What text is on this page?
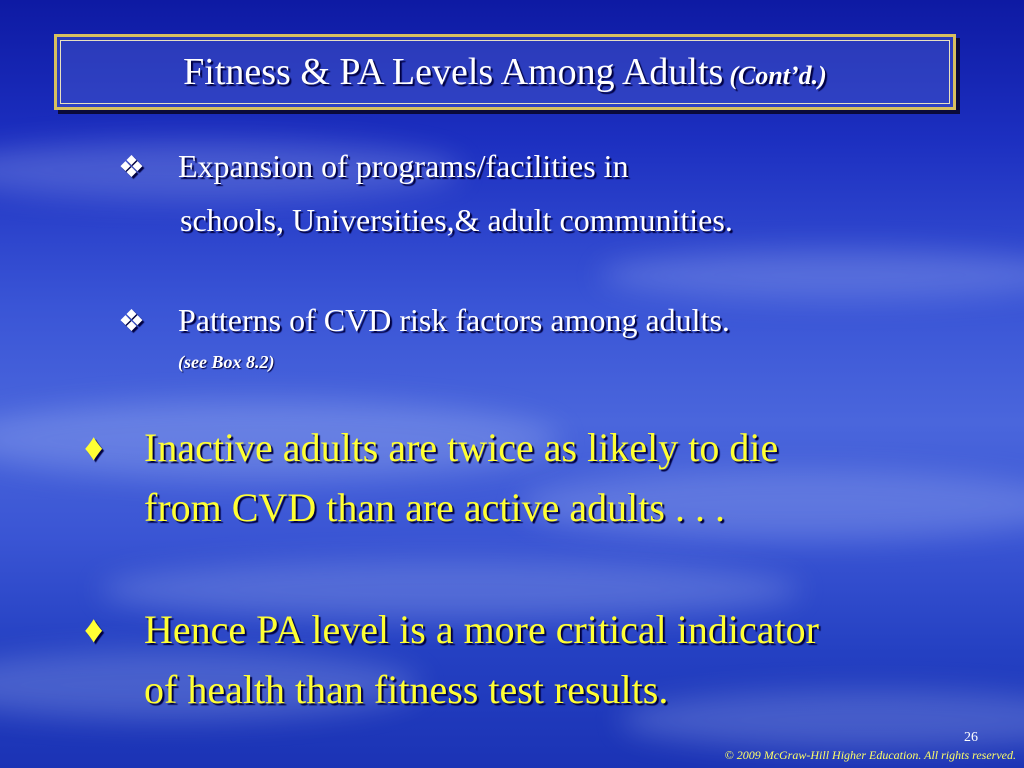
Fitness & PA Levels Among Adults (Cont’d.)
❖ Expansion of programs/facilities in
schools, Universities,& adult communities.
❖ Patterns of CVD risk factors among adults.
(see Box 8.2)
♦ Inactive adults are twice as likely to die
from CVD than are active adults . . .
♦ Hence PA level is a more critical indicator
of health than fitness test results.
26
© 2009 McGraw-Hill Higher Education. All rights reserved.
